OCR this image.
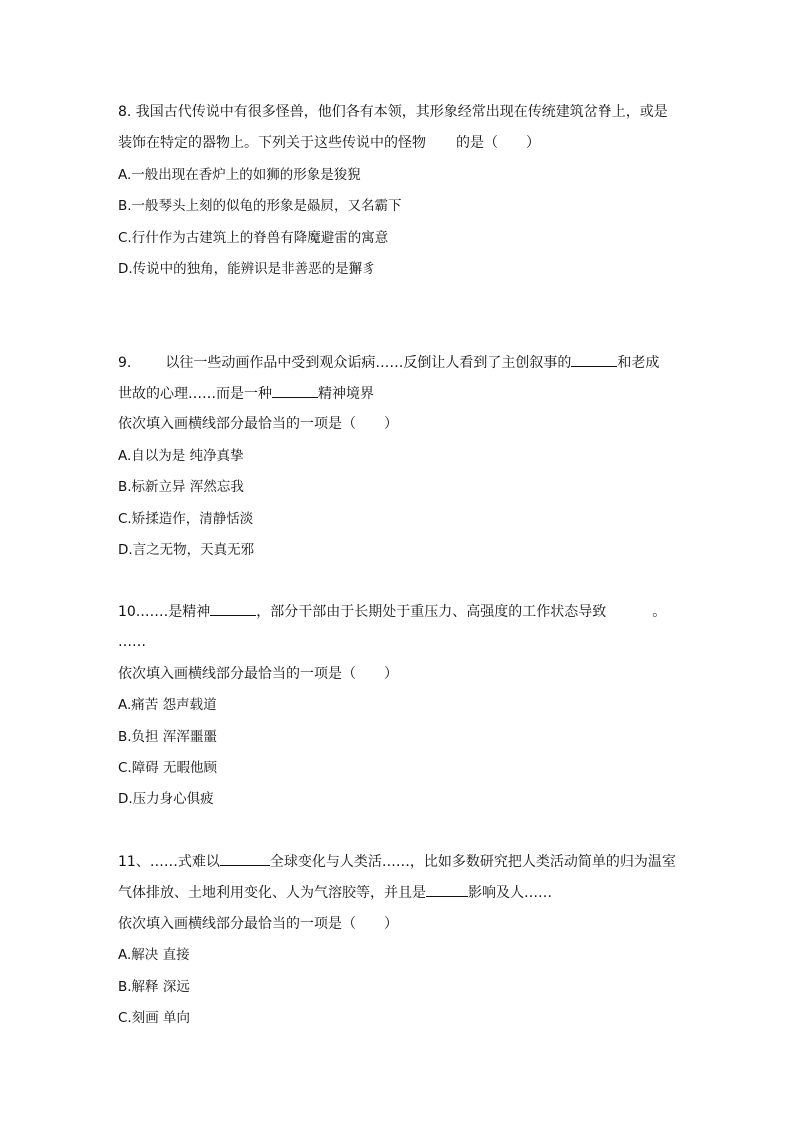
8. 我国古代传说中有很多怪兽，他们各有本领，其形象经常出现在传统建筑岔脊上，或是
装饰在特定的器物上。下列关于这些传说中的怪物 的是（　　）
A.一般出现在香炉上的如狮的形象是狻猊
B.一般琴头上刻的似龟的形象是赑屃，又名霸下
C.行什作为古建筑上的脊兽有降魔避雷的寓意
D.传说中的独角，能辨识是非善恶的是獬豸
9. 以往一些动画作品中受到观众诟病……反倒让人看到了主创叙事的	和老成
世故的心理……而是一种	精神境界
依次填入画横线部分最恰当的一项是（　　）
A.自以为是 纯净真挚
B.标新立异 浑然忘我
C.矫揉造作，清静恬淡
D.言之无物，天真无邪
10.……是精神	，部分干部由于长期处于重压力、高强度的工作状态导致	。
……
依次填入画横线部分最恰当的一项是（　　）
A.痛苦 怨声载道
B.负担 浑浑噩噩
C.障碍 无暇他顾
D.压力身心俱疲
11、……式难以	全球变化与人类活……，比如多数研究把人类活动简单的归为温室
气体排放、土地利用变化、人为气溶胶等，并且是	影响及人……
依次填入画横线部分最恰当的一项是（　　）
A.解决 直接
B.解释 深远
C.刻画 单向
